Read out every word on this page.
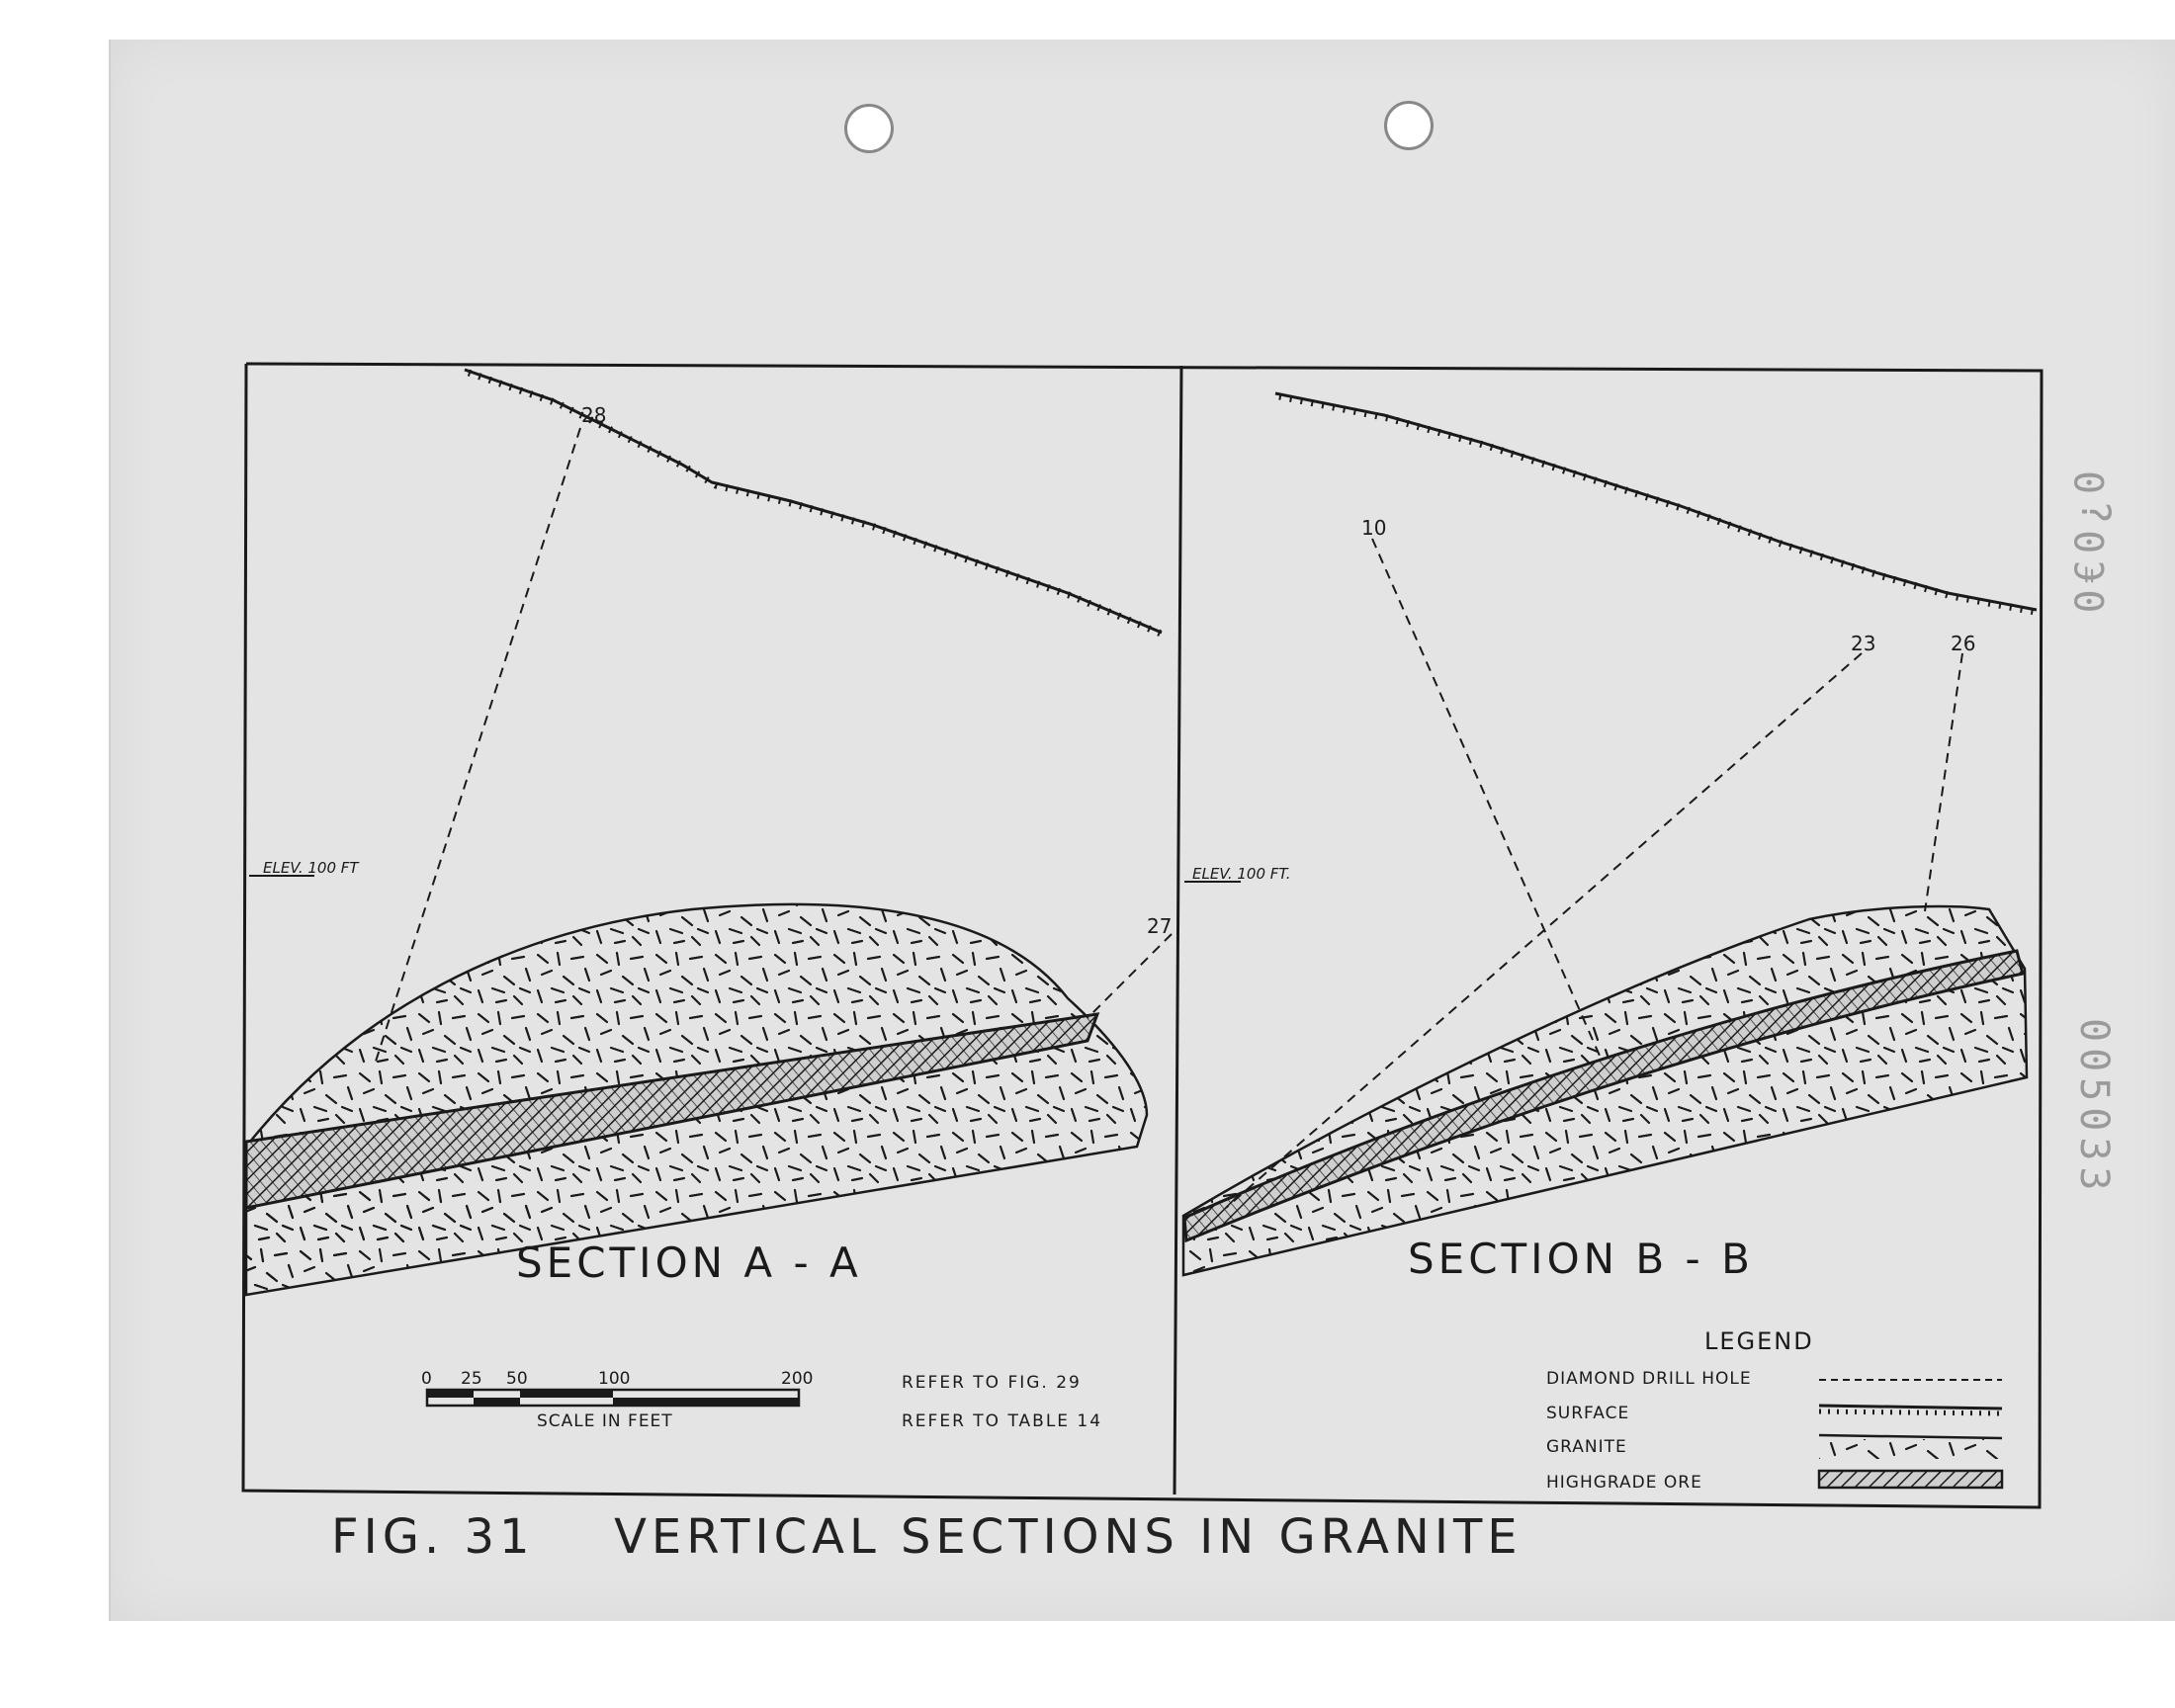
0€0¿0
005033
28
27
ELEV. 100 FT
SECTION A - A
10
23	26
ELEV. 100 FT.
SECTION B - B
0 25 50	100	200
SCALE IN FEET
REFER TO FIG. 29
REFER TO TABLE 14
LEGEND
DIAMOND DRILL HOLE
SURFACE
GRANITE
HIGHGRADE ORE
FIG. 31 VERTICAL SECTIONS IN GRANITE
